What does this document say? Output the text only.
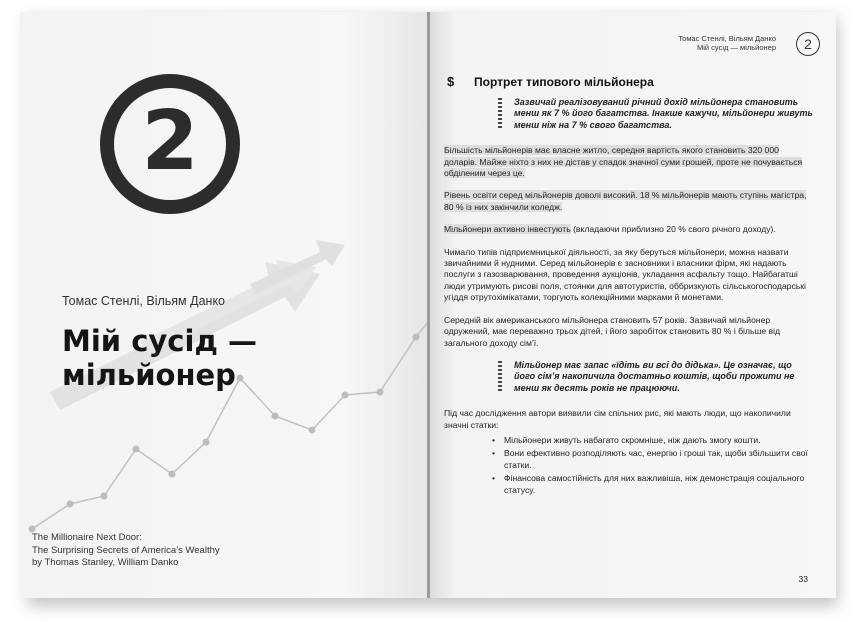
2
Томас Стенлі, Вільям Данко
Мій сусід —
мільйонер
The Millionaire Next Door:
The Surprising Secrets of America’s Wealthy
by Thomas Stanley, William Danko
Томас Стенлі, Вільям Данко
Мій сусід — мільйонер	2
$ Портрет типового мільйонера
Зазвичай реалізовуваний річний дохід мільйонера становить менш як 7 % його багатства. Інакше кажучи, мільйонери живуть менш ніж на 7 % свого багатства.

Більшість мільйонерів має власне житло, середня вартість якого становить 320 000 доларів. Майже ніхто з них не дістав у спадок значної суми грошей, проте не почувається обділеним через це.

Рівень освіти серед мільйонерів доволі високий. 18 % мільйонерів мають ступінь магістра, 80 % із них закінчили коледж.

Мільйонери активно інвестують (вкладаючи приблизно 20 % свого річного доходу).

Чимало типів підприємницької діяльності, за яку беруться мільйонери, можна назвати звичайними й нудними. Серед мільйонерів є засновники і власники фірм, які надають послуги з газозварювання, проведення аукціонів, укладання асфальту тощо. Найбагатші люди утримують рисові поля, стоянки для автотуристів, оббризкують сільськогосподарські угіддя отрутохімікатами, торгують колекційними марками й монетами.

Середній вік американського мільйонера становить 57 років. Зазвичай мільйонер одружений, має переважно трьох дітей, і його заробіток становить 80 % і більше від загального доходу сім’ї.

Мільйонер має запас «їдіть ви всі до дідька». Це означає, що його сім’я накопичила достатньо коштів, щоби прожити не менш як десять років не працюючи.

Під час дослідження автори виявили сім спільних рис, які мають люди, що накопичили значні статки:

• Мільйонери живуть набагато скромніше, ніж дають змогу кошти.
• Вони ефективно розподіляють час, енергію і гроші так, щоби збільшити свої статки.
• Фінансова самостійність для них важливіша, ніж демонстрація соціального статусу.
33
